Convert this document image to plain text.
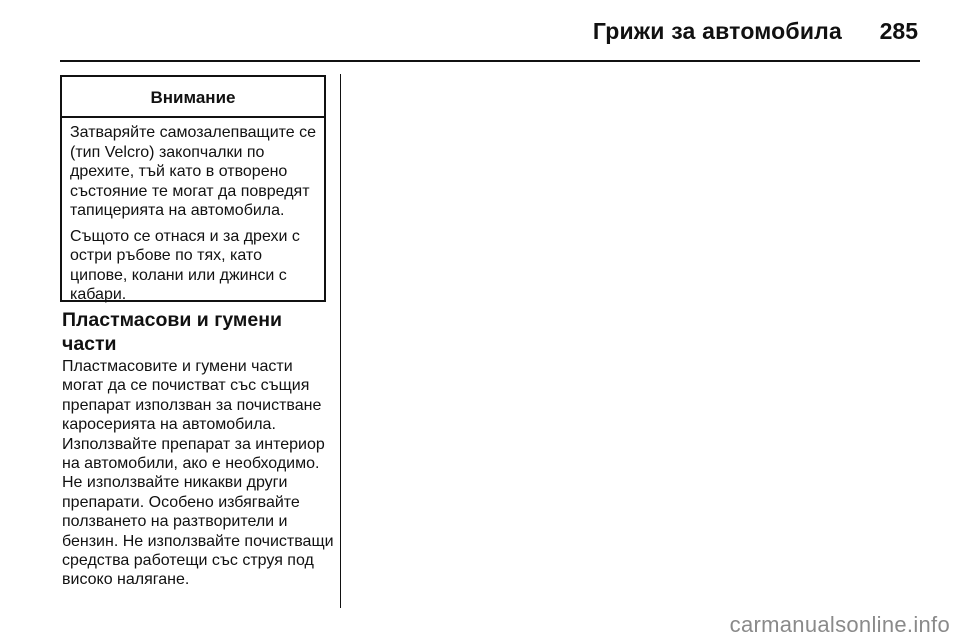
Грижи за автомобила 285
Внимание

Затваряйте самозалепващите се (тип Velcro) закопчалки по дрехите, тъй като в отворено състояние те могат да повредят тапицерията на автомобила.

Същото се отнася и за дрехи с остри ръбове по тях, като ципове, колани или джинси с кабари.

Пластмасови и гумени части

Пластмасовите и гумени части могат да се почистват със същия препарат използван за почистване каросерията на автомобила. Използвайте препарат за интериор на автомобили, ако е необходимо. Не използвайте никакви други препарати. Особено избягвайте ползването на разтворители и бензин. Не използвайте почистващи средства работещи със струя под високо налягане.

carmanualsonline.info
